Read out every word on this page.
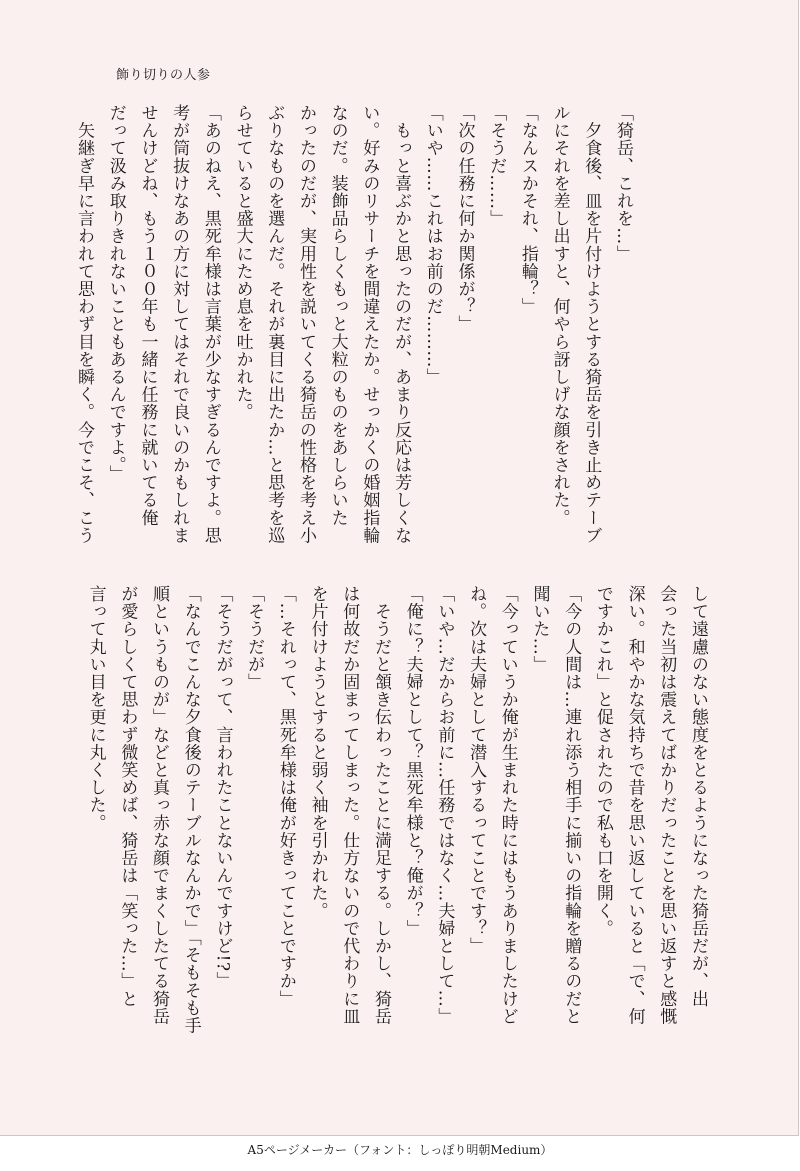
飾り切りの人参
「猗岳、これを…」
　夕食後、皿を片付けようとする猗岳を引き止めテーブ
ルにそれを差し出すと、何やら訝しげな顔をされた。
「なんスかそれ、指輪？」
「そうだ……」
「次の任務に何か関係が？」
「いや……これはお前のだ………」
　もっと喜ぶかと思ったのだが、あまり反応は芳しくな
い。好みのリサーチを間違えたか。せっかくの婚姻指輪
なのだ。装飾品らしくもっと大粒のものをあしらいた
かったのだが、実用性を説いてくる猗岳の性格を考え小
ぶりなものを選んだ。それが裏目に出たか…と思考を巡
らせていると盛大にため息を吐かれた。
「あのねえ、黒死牟様は言葉が少なすぎるんですよ。思
考が筒抜けなあの方に対してはそれで良いのかもしれま
せんけどね、もう１００年も一緒に任務に就いてる俺
だって汲み取りきれないこともあるんですよ。」
　矢継ぎ早に言われて思わず目を瞬く。今でこそ、こう
して遠慮のない態度をとるようになった猗岳だが、出
会った当初は震えてばかりだったことを思い返すと感慨
深い。和やかな気持ちで昔を思い返していると「で、何
ですかこれ」と促されたので私も口を開く。
「今の人間は…連れ添う相手に揃いの指輪を贈るのだと
聞いた…」
「今っていうか俺が生まれた時にはもうありましたけど
ね。次は夫婦として潜入するってことです？」
「いや…だからお前に…任務ではなく…夫婦として…」
「俺に？夫婦として？黒死牟様と？俺が？」
　そうだと頷き伝わったことに満足する。しかし、猗岳
は何故だか固まってしまった。仕方ないので代わりに皿
を片付けようとすると弱く袖を引かれた。
「…それって、黒死牟様は俺が好きってことですか」
「そうだが」
「そうだがって、言われたことないんですけど!?」
「なんでこんな夕食後のテーブルなんかで」「そもそも手
順というものが」などと真っ赤な顔でまくしたてる猗岳
が愛らしくて思わず微笑めば、猗岳は「笑った…」と
言って丸い目を更に丸くした。
A5ページメーカー（フォント：しっぽり明朝Medium）
